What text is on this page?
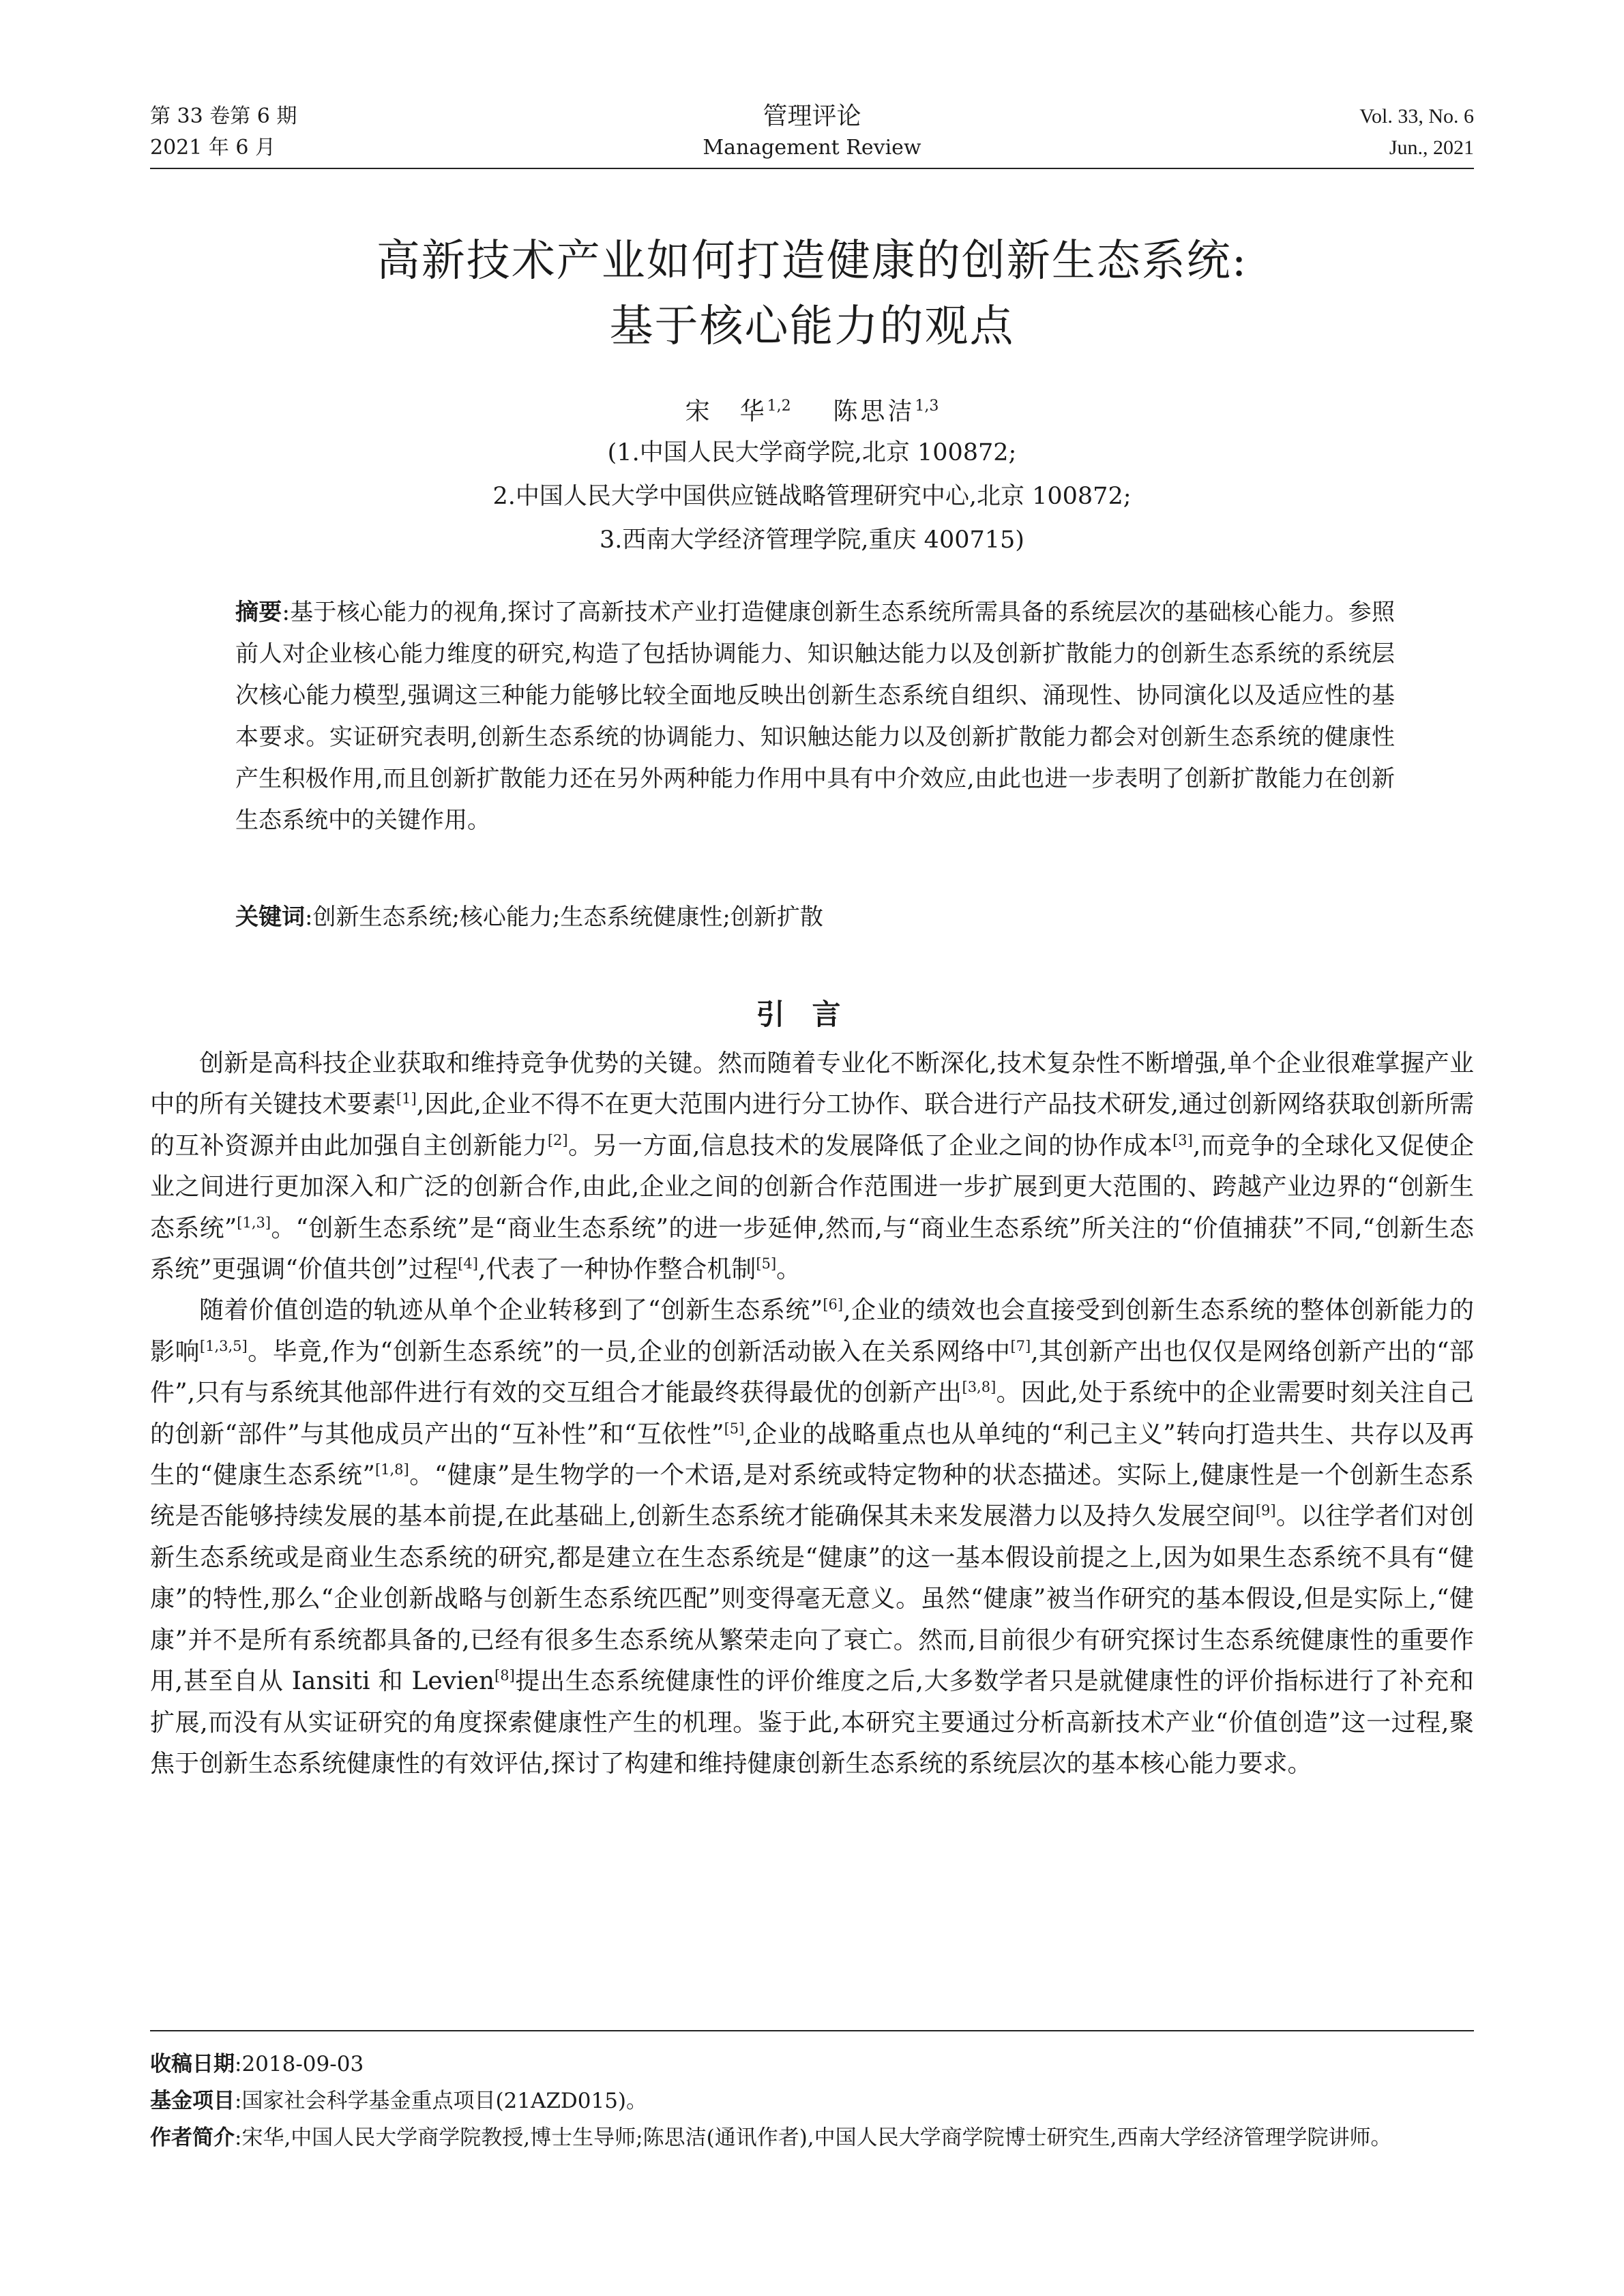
第 33 卷第 6 期
2021 年 6 月
管理评论
Management Review
Vol. 33, No. 6
Jun., 2021
高新技术产业如何打造健康的创新生态系统:
基于核心能力的观点
宋　华$^{1,2}$ 陈思洁$^{1,3}$
(1.中国人民大学商学院,北京 100872;
2.中国人民大学中国供应链战略管理研究中心,北京 100872;
3.西南大学经济管理学院,重庆 400715)
摘要:基于核心能力的视角,探讨了高新技术产业打造健康创新生态系统所需具备的系统层次的基础核心能力。参照前人对企业核心能力维度的研究,构造了包括协调能力、知识触达能力以及创新扩散能力的创新生态系统的系统层次核心能力模型,强调这三种能力能够比较全面地反映出创新生态系统自组织、涌现性、协同演化以及适应性的基本要求。实证研究表明,创新生态系统的协调能力、知识触达能力以及创新扩散能力都会对创新生态系统的健康性产生积极作用,而且创新扩散能力还在另外两种能力作用中具有中介效应,由此也进一步表明了创新扩散能力在创新生态系统中的关键作用。
关键词:创新生态系统;核心能力;生态系统健康性;创新扩散
引言

创新是高科技企业获取和维持竞争优势的关键。然而随着专业化不断深化,技术复杂性不断增强,单个企业很难掌握产业中的所有关键技术要素[1],因此,企业不得不在更大范围内进行分工协作、联合进行产品技术研发,通过创新网络获取创新所需的互补资源并由此加强自主创新能力[2]。另一方面,信息技术的发展降低了企业之间的协作成本[3],而竞争的全球化又促使企业之间进行更加深入和广泛的创新合作,由此,企业之间的创新合作范围进一步扩展到更大范围的、跨越产业边界的“创新生态系统”[1,3]。“创新生态系统”是“商业生态系统”的进一步延伸,然而,与“商业生态系统”所关注的“价值捕获”不同,“创新生态系统”更强调“价值共创”过程[4],代表了一种协作整合机制[5]。

随着价值创造的轨迹从单个企业转移到了“创新生态系统”[6],企业的绩效也会直接受到创新生态系统的整体创新能力的影响[1,3,5]。毕竟,作为“创新生态系统”的一员,企业的创新活动嵌入在关系网络中[7],其创新产出也仅仅是网络创新产出的“部件”,只有与系统其他部件进行有效的交互组合才能最终获得最优的创新产出[3,8]。因此,处于系统中的企业需要时刻关注自己的创新“部件”与其他成员产出的“互补性”和“互依性”[5],企业的战略重点也从单纯的“利己主义”转向打造共生、共存以及再生的“健康生态系统”[1,8]。“健康”是生物学的一个术语,是对系统或特定物种的状态描述。实际上,健康性是一个创新生态系统是否能够持续发展的基本前提,在此基础上,创新生态系统才能确保其未来发展潜力以及持久发展空间[9]。以往学者们对创新生态系统或是商业生态系统的研究,都是建立在生态系统是“健康”的这一基本假设前提之上,因为如果生态系统不具有“健康”的特性,那么“企业创新战略与创新生态系统匹配”则变得毫无意义。虽然“健康”被当作研究的基本假设,但是实际上,“健康”并不是所有系统都具备的,已经有很多生态系统从繁荣走向了衰亡。然而,目前很少有研究探讨生态系统健康性的重要作用,甚至自从 Iansiti 和 Levien[8]提出生态系统健康性的评价维度之后,大多数学者只是就健康性的评价指标进行了补充和扩展,而没有从实证研究的角度探索健康性产生的机理。鉴于此,本研究主要通过分析高新技术产业“价值创造”这一过程,聚焦于创新生态系统健康性的有效评估,探讨了构建和维持健康创新生态系统的系统层次的基本核心能力要求。

收稿日期 :2018-09-03
基金项目 :国家社会科学基金重点项目(21AZD015)。
作者简介 :宋华,中国人民大学商学院教授,博士生导师;陈思洁(通讯作者),中国人民大学商学院博士研究生,西南大学经济管理学院讲师。
